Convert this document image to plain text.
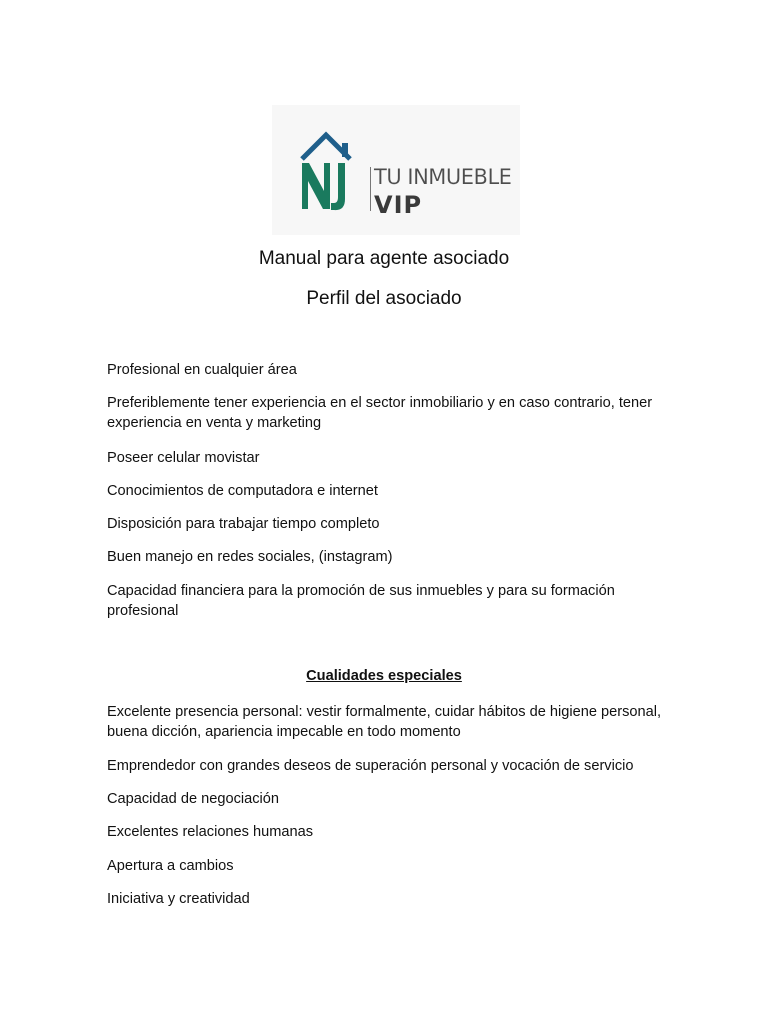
TU INMUEBLE
VIP
Manual para agente asociado
Perfil del asociado
Profesional en cualquier área
Preferiblemente tener experiencia en el sector inmobiliario y en caso contrario, tener experiencia en venta y marketing
Poseer celular movistar
Conocimientos de computadora e internet
Disposición para trabajar tiempo completo
Buen manejo en redes sociales, (instagram)
Capacidad financiera para la promoción de sus inmuebles y para su formación profesional
Cualidades especiales
Excelente presencia personal: vestir formalmente, cuidar hábitos de higiene personal, buena dicción, apariencia impecable en todo momento
Emprendedor con grandes deseos de superación personal y vocación de servicio
Capacidad de negociación
Excelentes relaciones humanas
Apertura a cambios
Iniciativa y creatividad
